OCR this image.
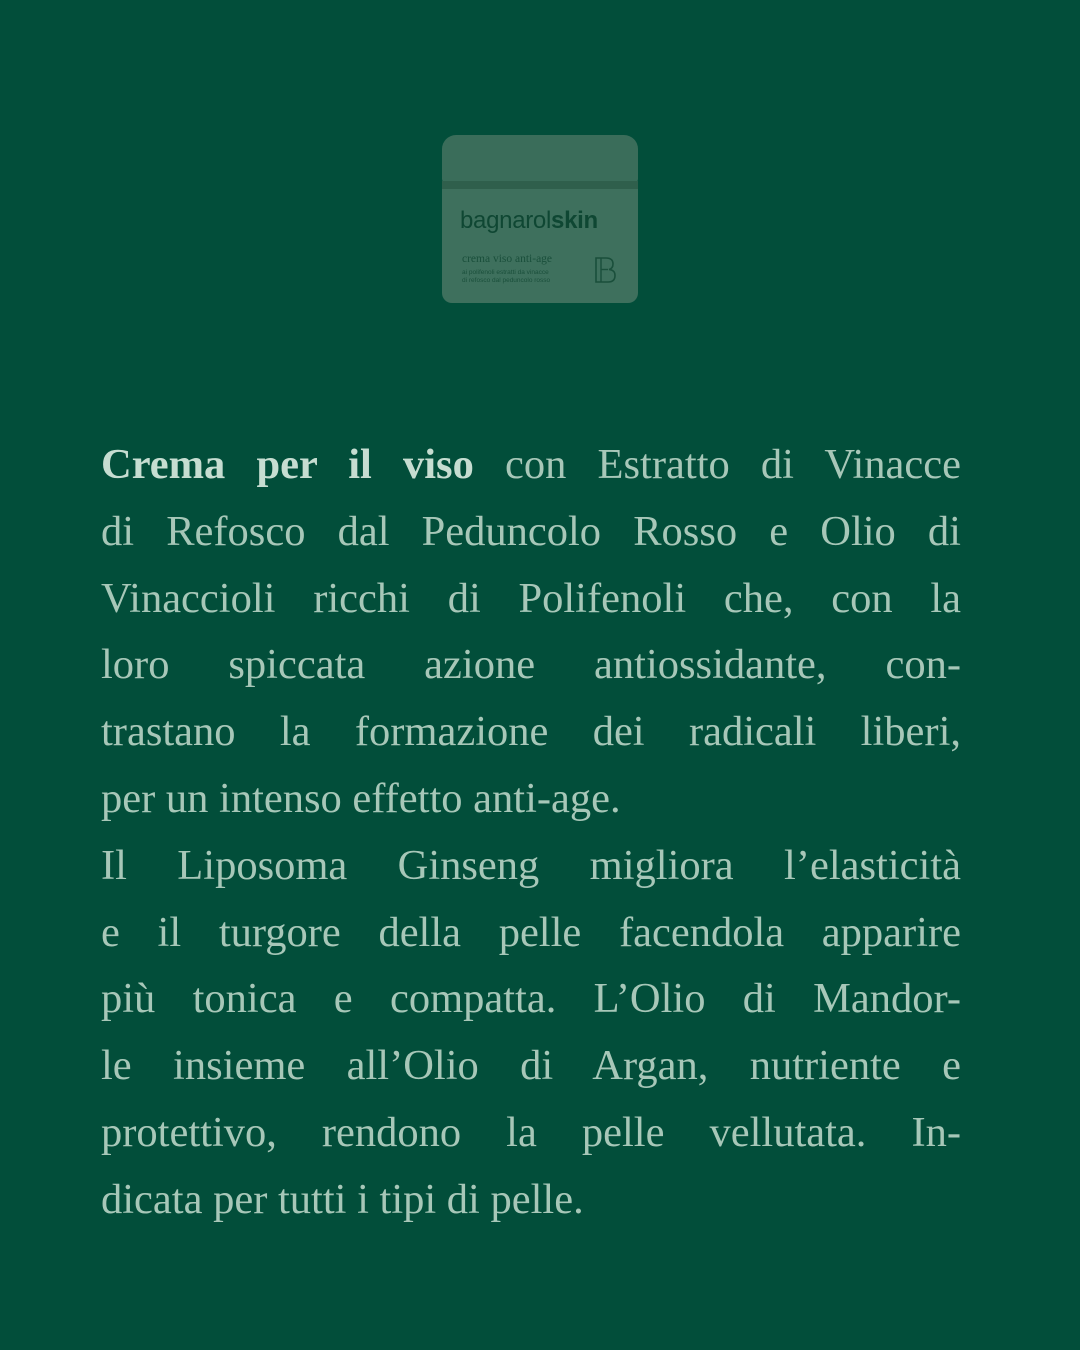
bagnarolskin
crema viso anti-age
ai polifenoli estratti da vinacce
di refosco dal peduncolo rosso
Crema per il viso con Estratto di Vinacce
di Refosco dal Peduncolo Rosso e Olio di
Vinaccioli ricchi di Polifenoli che, con la
loro spiccata azione antiossidante, con-
trastano la formazione dei radicali liberi,
per un intenso effetto anti-age.
Il Liposoma Ginseng migliora l’elasticità
e il turgore della pelle facendola apparire
più tonica e compatta. L’Olio di Mandor-
le insieme all’Olio di Argan, nutriente e
protettivo, rendono la pelle vellutata. In-
dicata per tutti i tipi di pelle.
